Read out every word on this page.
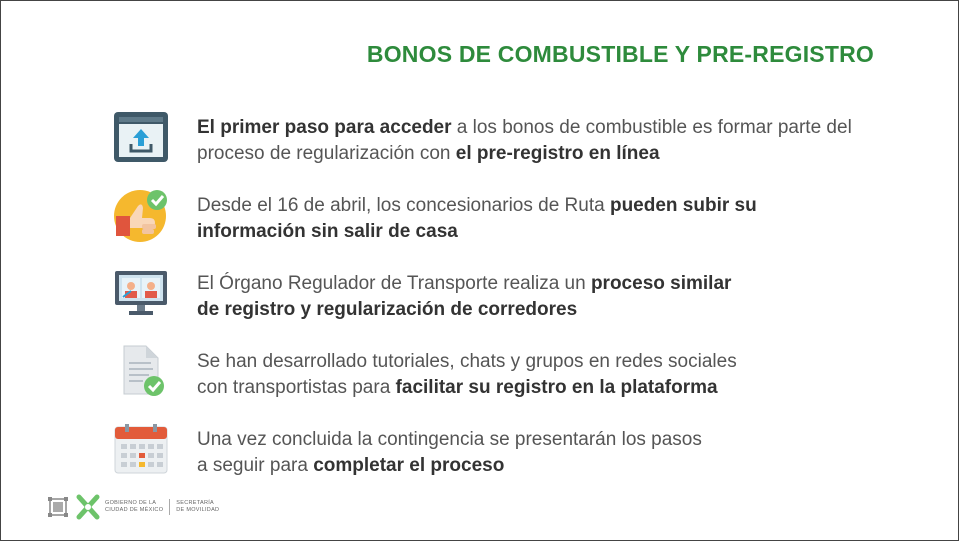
BONOS DE COMBUSTIBLE Y PRE-REGISTRO
El primer paso para acceder a los bonos de combustible es formar parte del
proceso de regularización con el pre-registro en línea
Desde el 16 de abril, los concesionarios de Ruta pueden subir su
información sin salir de casa
El Órgano Regulador de Transporte realiza un proceso similar
de registro y regularización de corredores
Se han desarrollado tutoriales, chats y grupos en redes sociales
con transportistas para facilitar su registro en la plataforma
Una vez concluida la contingencia se presentarán los pasos
a seguir para completar el proceso
GOBIERNO DE LA
CIUDAD DE MÉXICO
SECRETARÍA
DE MOVILIDAD
